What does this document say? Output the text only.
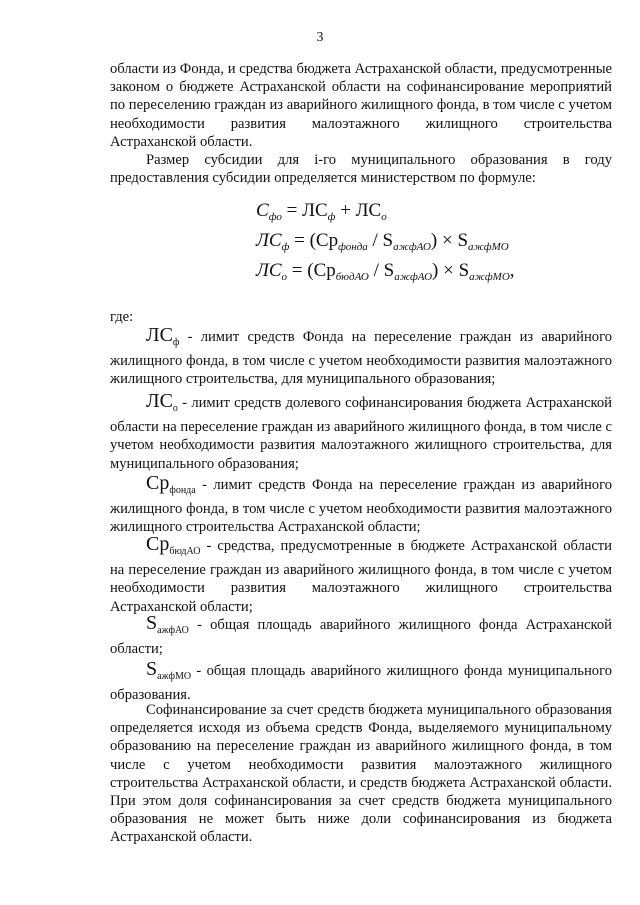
3

области из Фонда, и средства бюджета Астраханской области, предусмотренные законом о бюджете Астраханской области на софинансирование мероприятий по переселению граждан из аварийного жилищного фонда, в том числе с учетом необходимости развития малоэтажного жилищного строительства Астраханской области.

Размер субсидии для i-го муниципального образования в году предоставления субсидии определяется министерством по формуле:

$С_{фо} = ЛС_ф + ЛС_о$
$ЛС_ф = (Ср_{фонда} / S_{ажфАО}) \times S_{ажфМО}$
$ЛС_о = (Ср_{бюдАО} / S_{ажфАО}) \times S_{ажфМО}$,
где:

$ЛС_ф$ - лимит средств Фонда на переселение граждан из аварийного жилищного фонда, в том числе с учетом необходимости развития малоэтажного жилищного строительства, для муниципального образования;

$ЛС_о$ - лимит средств долевого софинансирования бюджета Астраханской области на переселение граждан из аварийного жилищного фонда, в том числе с учетом необходимости развития малоэтажного жилищного строительства, для муниципального образования;

$Ср_{фонда}$ - лимит средств Фонда на переселение граждан из аварийного жилищного фонда, в том числе с учетом необходимости развития малоэтажного жилищного строительства Астраханской области;

$Ср_{бюдАО}$ - средства, предусмотренные в бюджете Астраханской области на переселение граждан из аварийного жилищного фонда, в том числе с учетом необходимости развития малоэтажного жилищного строительства Астраханской области;

$S_{ажфАО}$ - общая площадь аварийного жилищного фонда Астраханской области;

$S_{ажфМО}$ - общая площадь аварийного жилищного фонда муниципального образования.

Софинансирование за счет средств бюджета муниципального образования определяется исходя из объема средств Фонда, выделяемого муниципальному образованию на переселение граждан из аварийного жилищного фонда, в том числе с учетом необходимости развития малоэтажного жилищного строительства Астраханской области, и средств бюджета Астраханской области. При этом доля софинансирования за счет средств бюджета муниципального образования не может быть ниже доли софинансирования из бюджета Астраханской области.
